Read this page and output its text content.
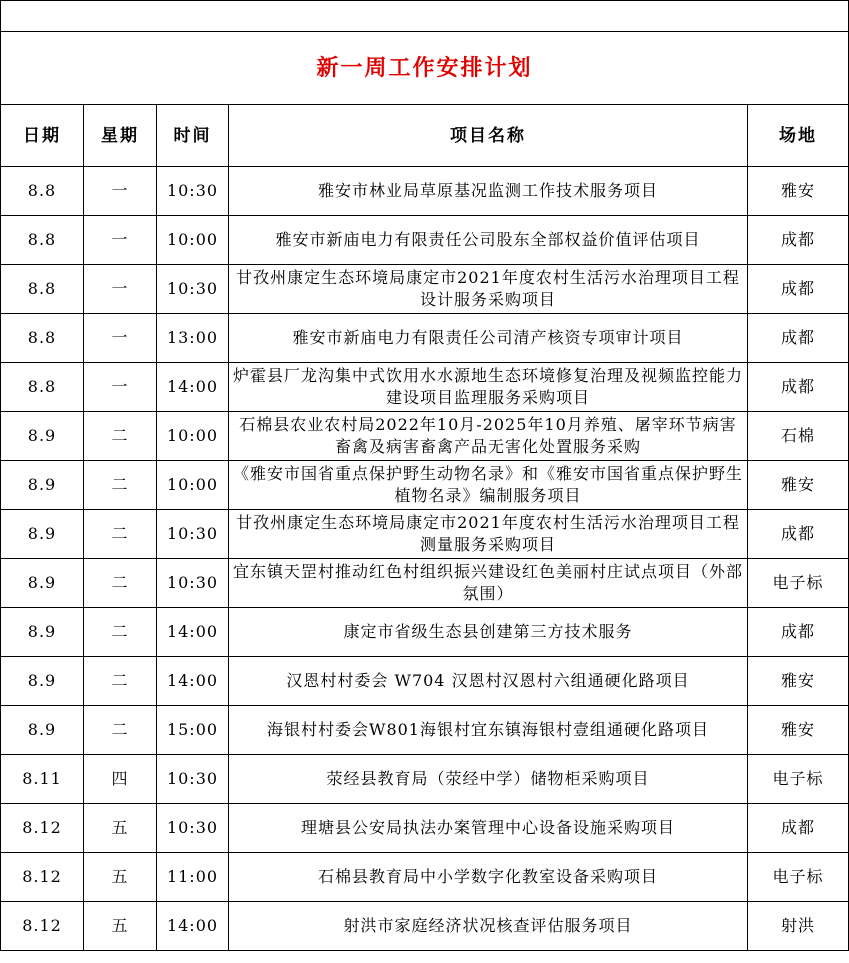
新一周工作安排计划				
日期	星期	时间	项目名称	场地
8.8	一	10:30	雅安市林业局草原基况监测工作技术服务项目	雅安
8.8	一	10:00	雅安市新庙电力有限责任公司股东全部权益价值评估项目	成都
8.8	一	10:30	甘孜州康定生态环境局康定市2021年度农村生活污水治理项目工程设计服务采购项目	成都
8.8	一	13:00	雅安市新庙电力有限责任公司清产核资专项审计项目	成都
8.8	一	14:00	炉霍县厂龙沟集中式饮用水水源地生态环境修复治理及视频监控能力建设项目监理服务采购项目	成都
8.9	二	10:00	石棉县农业农村局2022年10月-2025年10月养殖、屠宰环节病害畜禽及病害畜禽产品无害化处置服务采购	石棉
8.9	二	10:00	《雅安市国省重点保护野生动物名录》和《雅安市国省重点保护野生植物名录》编制服务项目	雅安
8.9	二	10:30	甘孜州康定生态环境局康定市2021年度农村生活污水治理项目工程测量服务采购项目	成都
8.9	二	10:30	宜东镇天罡村推动红色村组织振兴建设红色美丽村庄试点项目（外部氛围）	电子标
8.9	二	14:00	康定市省级生态县创建第三方技术服务	成都
8.9	二	14:00	汉恩村村委会 W704 汉恩村汉恩村六组通硬化路项目	雅安
8.9	二	15:00	海银村村委会W801海银村宜东镇海银村壹组通硬化路项目	雅安
8.11	四	10:30	荥经县教育局（荥经中学）储物柜采购项目	电子标
8.12	五	10:30	理塘县公安局执法办案管理中心设备设施采购项目	成都
8.12	五	11:00	石棉县教育局中小学数字化教室设备采购项目	电子标
8.12	五	14:00	射洪市家庭经济状况核查评估服务项目	射洪
